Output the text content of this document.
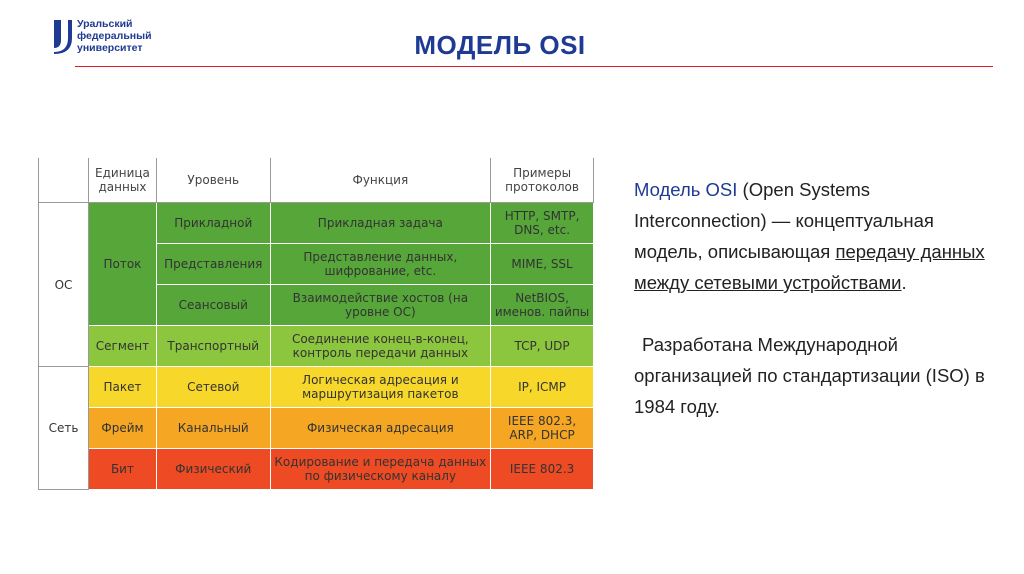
Уральский
федеральный
университет	МОДЕЛЬ OSI
	Единица данных	Уровень	Функция	Примеры протоколов
ОС	Поток	Прикладной	Прикладная задача	HTTP, SMTP, DNS, etc.
		Представления	Представление данных, шифрование, etc.	MIME, SSL
		Сеансовый	Взаимодействие хостов (на уровне ОС)	NetBIOS, именов. пайпы
	Сегмент	Транспортный	Соединение конец-в-конец, контроль передачи данных	TCP, UDP
Сеть	Пакет	Сетевой	Логическая адресация и маршрутизация пакетов	IP, ICMP
	Фрейм	Канальный	Физическая адресация	IEEE 802.3, ARP, DHCP
	Бит	Физический	Кодирование и передача данных по физическому каналу	IEEE 802.3

Модель OSI (Open Systems Interconnection) — концептуальная модель, описывающая передачу данных между сетевыми устройствами.

Разработана Международной организацией по стандартизации (ISO) в 1984 году.
